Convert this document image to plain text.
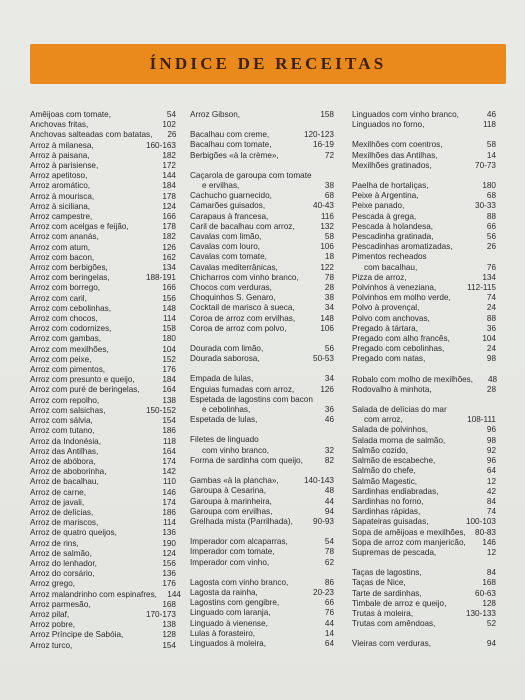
ÍNDICE DE RECEITAS
Amêijoas com tomate,	54
Anchovas fritas,	102
Anchovas salteadas com batatas,	26
Arroz à milanesa,	160-163
Arroz à paisana,	182
Arroz à parisiense,	172
Arroz apetitoso,	144
Arroz aromático,	184
Arroz à mourisca,	178
Arroz à siciliana,	124
Arroz campestre,	166
Arroz com acelgas e feijão,	178
Arroz com ananás,	182
Arroz com atum,	126
Arroz com bacon,	162
Arroz com berbigões,	134
Arroz com beringelas,	188-191
Arroz com borrego,	166
Arroz com caril,	156
Arroz com cebolinhas,	148
Arroz com chocos,	114
Arroz com codornizes,	158
Arroz com gambas,	180
Arroz com mexilhões,	104
Arroz com peixe,	152
Arroz com pimentos,	176
Arroz com presunto e queijo,	184
Arroz com puré de beringelas,	164
Arroz com repolho,	138
Arroz com salsichas,	150-152
Arroz com sálvia,	154
Arroz com tutano,	186
Arroz da Indonésia,	118
Arroz das Antilhas,	164
Arroz de abóbora,	174
Arroz de aboborinha,	142
Arroz de bacalhau,	110
Arroz de carne,	146
Arroz de javali,	174
Arroz de delícias,	186
Arroz de mariscos,	114
Arroz de quatro queijos,	136
Arroz de rins,	190
Arroz de salmão,	124
Arroz do lenhador,	156
Arroz do corsário,	136
Arroz grego,	176
Arroz malandrinho com espinafres,	144
Arroz parmesão,	168
Arroz pilaf,	170-173
Arroz pobre,	138
Arroz Príncipe de Sabóia,	128
Arroz turco,	154
Arroz Gibson,	158
Bacalhau com creme,	120-123
Bacalhau com tomate,	16-19
Berbigões «à la crème»,	72
Caçarola de garoupa com tomate
e ervilhas,	38
Cachucho guarnecido,	68
Camarões guisados,	40-43
Carapaus à francesa,	116
Caril de bacalhau com arroz,	132
Cavalas com limão,	58
Cavalas com louro,	106
Cavalas com tomate,	18
Cavalas mediterrânicas,	122
Chicharros com vinho branco,	78
Chocos com verduras,	28
Choquinhos S. Genaro,	38
Cocktail de marisco à sueca,	34
Coroa de arroz com ervilhas,	148
Coroa de arroz com polvo,	106
Dourada com limão,	56
Dourada saborosa,	50-53
Empada de lulas,	34
Enguias fumadas com arroz,	126
Espetada de lagostins com bacon
e cebolinhas,	36
Espetada de lulas,	46
Filetes de linguado
com vinho branco,	32
Forma de sardinha com queijo,	82
Gambas «à la plancha»,	140-143
Garoupa à Cesarina,	48
Garoupa à marinheira,	44
Garoupa com ervilhas,	94
Grelhada mista (Parrilhada),	90-93
Imperador com alcaparras,	54
Imperador com tomate,	78
Imperador com vinho,	62
Lagosta com vinho branco,	86
Lagosta da rainha,	20-23
Lagostins com gengibre,	66
Linguado com laranja,	76
Linguado à vienense,	44
Lulas à forasteiro,	14
Linguados à moleira,	64
Linguados com vinho branco,	46
Linguados no forno,	118
Mexilhões com coentros,	58
Mexilhões das Antilhas,	14
Mexilhões gratinados,	70-73
Paelha de hortaliças,	180
Peixe à Argentina,	68
Peixe panado,	30-33
Pescada à grega,	88
Pescada à holandesa,	66
Pescadinha gratinada,	56
Pescadinhas aromatizadas,	26
Pimentos recheados
com bacalhau,	76
Pizza de arroz,	134
Polvinhos à veneziana,	112-115
Polvinhos em molho verde,	74
Polvo à provençal,	24
Polvo com anchovas,	88
Pregado à tártara,	36
Pregado com alho francês,	104
Pregado com cebolinhas,	24
Pregado com natas,	98
Robalo com molho de mexilhões,	48
Rodovalho à minhota,	28
Salada de delícias do mar
com arroz,	108-111
Salada de polvinhos,	96
Salada morna de salmão,	98
Salmão cozido,	92
Salmão de escabeche,	96
Salmão do chefe,	64
Salmão Magestic,	12
Sardinhas endiabradas,	42
Sardinhas no forno,	84
Sardinhas rápidas,	74
Sapateiras guisadas,	100-103
Sopa de amêijoas e mexilhões,	80-83
Sopa de arroz com manjericão,	146
Supremas de pescada,	12
Taças de lagostins,	84
Taças de Nice,	168
Tarte de sardinhas,	60-63
Timbale de arroz e queijo,	128
Trutas à moleira,	130-133
Trutas com amêndoas,	52
Vieiras com verduras,	94
